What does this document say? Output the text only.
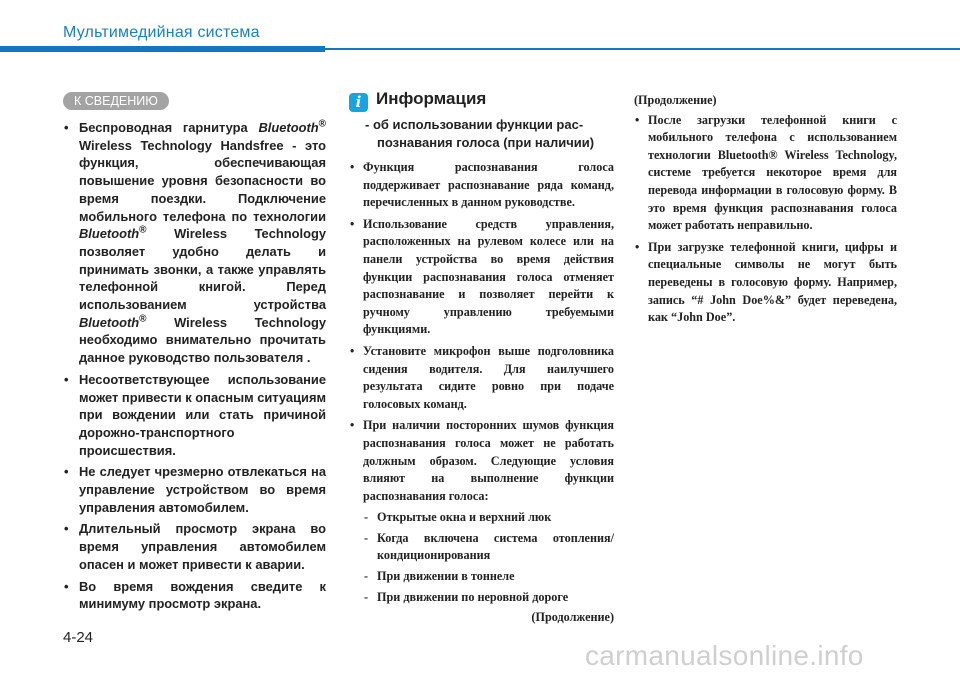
Мультимедийная система
К СВЕДЕНИЮ
• Беспроводная гарнитура Bluetooth® Wireless Technology Handsfree - это функция, обеспечивающая повышение уровня безопасности во время поездки. Подключение мобильного телефона по технологии Bluetooth® Wireless Technology позволяет удобно делать и принимать звонки, а также управлять телефонной книгой. Перед использованием устройства Bluetooth® Wireless Technology необходимо внимательно прочитать данное руководство пользователя .
• Несоответствующее использование может привести к опасным ситуациям при вождении или стать причиной дорожно-транспортного происшествия.
• Не следует чрезмерно отвлекаться на управление устройством во время управления автомобилем.
• Длительный просмотр экрана во время управления автомобилем опасен и может привести к аварии.
• Во время вождения сведите к минимуму просмотр экрана.
i Информация
- об использовании функции рас-
познавания голоса (при наличии)
• Функция распознавания голоса поддерживает распознавание ряда команд, перечисленных в данном руководстве.
• Использование средств управления, расположенных на рулевом колесе или на панели устройства во время действия функции распознавания голоса отменяет распознавание и позволяет перейти к ручному управлению требуемыми функциями.
• Установите микрофон выше подголовника сидения водителя. Для наилучшего результата сидите ровно при подаче голосовых команд.
• При наличии посторонних шумов функция распознавания голоса может не работать должным образом. Следующие условия влияют на выполнение функции распознавания голоса:
- Открытые окна и верхний люк
- Когда включена система отопления/кондиционирования
- При движении в тоннеле
- При движении по неровной дороге
(Продолжение)
(Продолжение)
• После загрузки телефонной книги с мобильного телефона с использованием технологии Bluetooth® Wireless Technology, системе требуется некоторое время для перевода информации в голосовую форму. В это время функция распознавания голоса может работать неправильно.
• При загрузке телефонной книги, цифры и специальные символы не могут быть переведены в голосовую форму. Например, запись “# John Doe%&” будет переведена, как “John Doe”.
4-24
carmanualsonline.info
